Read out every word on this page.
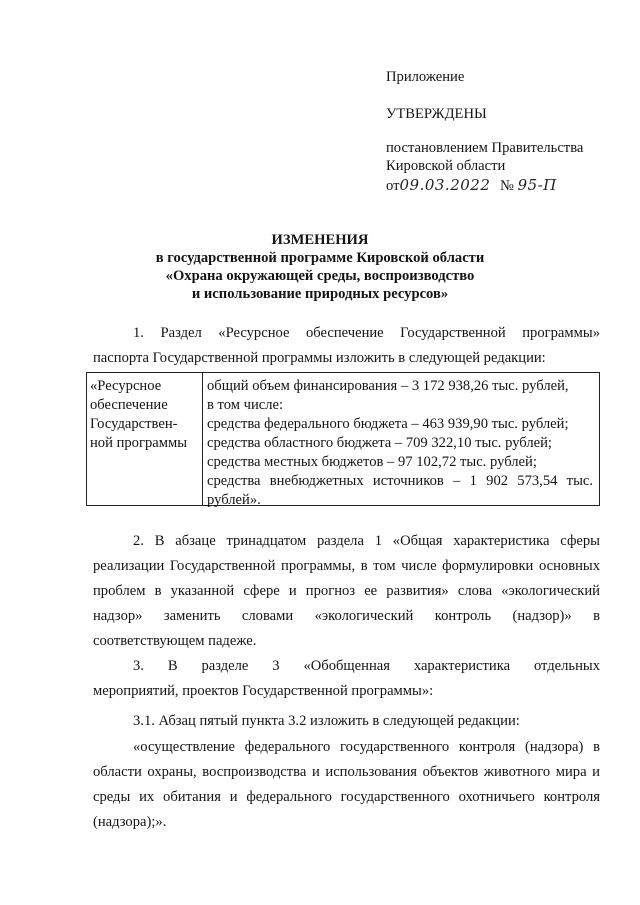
Приложение
УТВЕРЖДЕНЫ
постановлением Правительства
Кировской области
от09.03.2022 № 95-П
ИЗМЕНЕНИЯ
в государственной программе Кировской области
«Охрана окружающей среды, воспроизводство
и использование природных ресурсов»
1. Раздел «Ресурсное обеспечение Государственной программы»
паспорта Государственной программы изложить в следующей редакции:
«Ресурсное
обеспечение
Государствен-
ной программы
общий объем финансирования – 3 172 938,26 тыс. рублей,
в том числе:
средства федерального бюджета – 463 939,90 тыс. рублей;
средства областного бюджета – 709 322,10 тыс. рублей;
средства местных бюджетов – 97 102,72 тыс. рублей;
средства внебюджетных источников – 1 902 573,54 тыс.
рублей».
2. В абзаце тринадцатом раздела 1 «Общая характеристика сферы
реализации Государственной программы, в том числе формулировки основных
проблем в указанной сфере и прогноз ее развития» слова «экологический
надзор» заменить словами «экологический контроль (надзор)» в
соответствующем падеже.
3. В разделе 3 «Обобщенная характеристика отдельных
мероприятий, проектов Государственной программы»:
3.1. Абзац пятый пункта 3.2 изложить в следующей редакции:
«осуществление федерального государственного контроля (надзора) в
области охраны, воспроизводства и использования объектов животного мира и
среды их обитания и федерального государственного охотничьего контроля
(надзора);».
